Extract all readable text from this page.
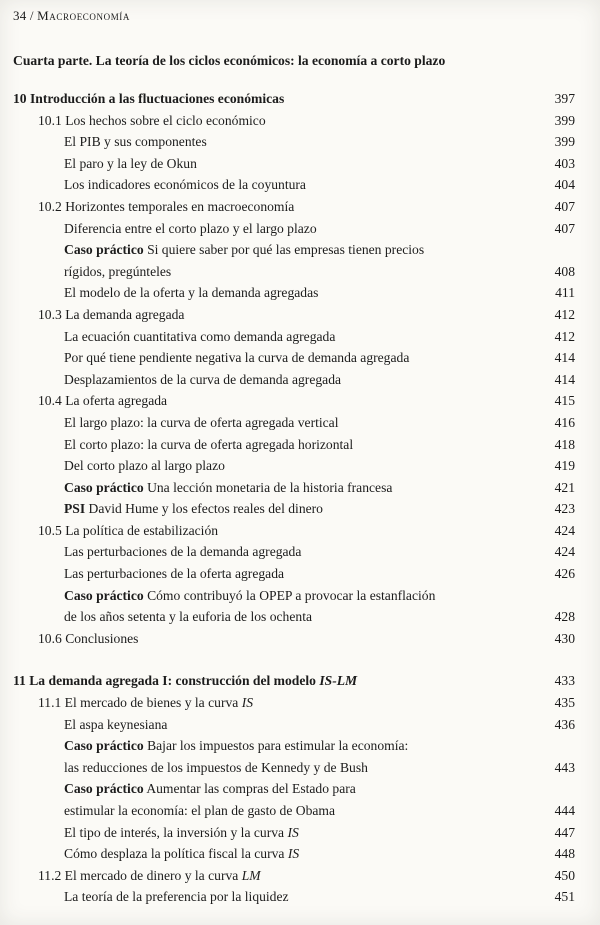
34 / Macroeconomía
Cuarta parte. La teoría de los ciclos económicos: la economía a corto plazo
10 Introducción a las fluctuaciones económicas	397
10.1 Los hechos sobre el ciclo económico	399
El PIB y sus componentes	399
El paro y la ley de Okun	403
Los indicadores económicos de la coyuntura	404
10.2 Horizontes temporales en macroeconomía	407
Diferencia entre el corto plazo y el largo plazo	407
Caso práctico Si quiere saber por qué las empresas tienen precios
rígidos, pregúnteles	408
El modelo de la oferta y la demanda agregadas	411
10.3 La demanda agregada	412
La ecuación cuantitativa como demanda agregada	412
Por qué tiene pendiente negativa la curva de demanda agregada	414
Desplazamientos de la curva de demanda agregada	414
10.4 La oferta agregada	415
El largo plazo: la curva de oferta agregada vertical	416
El corto plazo: la curva de oferta agregada horizontal	418
Del corto plazo al largo plazo	419
Caso práctico Una lección monetaria de la historia francesa	421
PSI David Hume y los efectos reales del dinero	423
10.5 La política de estabilización	424
Las perturbaciones de la demanda agregada	424
Las perturbaciones de la oferta agregada	426
Caso práctico Cómo contribuyó la OPEP a provocar la estanflación
de los años setenta y la euforia de los ochenta	428
10.6 Conclusiones	430
11 La demanda agregada I: construcción del modelo IS-LM	433
11.1 El mercado de bienes y la curva IS	435
El aspa keynesiana	436
Caso práctico Bajar los impuestos para estimular la economía:
las reducciones de los impuestos de Kennedy y de Bush	443
Caso práctico Aumentar las compras del Estado para
estimular la economía: el plan de gasto de Obama	444
El tipo de interés, la inversión y la curva IS	447
Cómo desplaza la política fiscal la curva IS	448
11.2 El mercado de dinero y la curva LM	450
La teoría de la preferencia por la liquidez	451
